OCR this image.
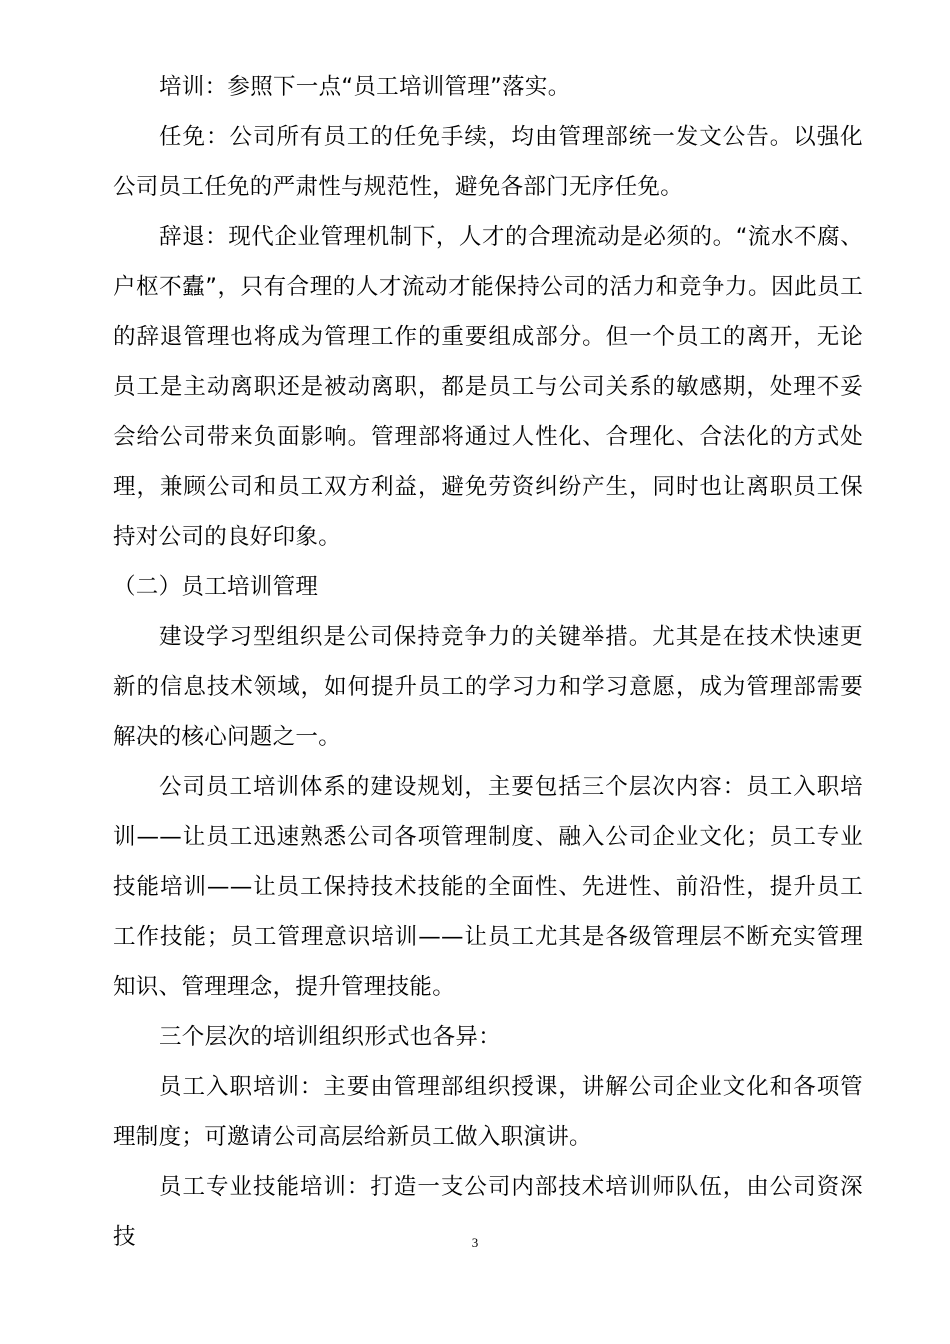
培训：参照下一点“员工培训管理”落实。

任免：公司所有员工的任免手续，均由管理部统一发文公告。以强化公司员工任免的严肃性与规范性，避免各部门无序任免。

辞退：现代企业管理机制下，人才的合理流动是必须的。“流水不腐、户枢不蠹”，只有合理的人才流动才能保持公司的活力和竞争力。因此员工的辞退管理也将成为管理工作的重要组成部分。但一个员工的离开，无论员工是主动离职还是被动离职，都是员工与公司关系的敏感期，处理不妥会给公司带来负面影响。管理部将通过人性化、合理化、合法化的方式处理，兼顾公司和员工双方利益，避免劳资纠纷产生，同时也让离职员工保持对公司的良好印象。

（二）员工培训管理

建设学习型组织是公司保持竞争力的关键举措。尤其是在技术快速更新的信息技术领域，如何提升员工的学习力和学习意愿，成为管理部需要解决的核心问题之一。

公司员工培训体系的建设规划，主要包括三个层次内容：员工入职培训——让员工迅速熟悉公司各项管理制度、融入公司企业文化；员工专业技能培训——让员工保持技术技能的全面性、先进性、前沿性，提升员工工作技能；员工管理意识培训——让员工尤其是各级管理层不断充实管理知识、管理理念，提升管理技能。

三个层次的培训组织形式也各异：

员工入职培训：主要由管理部组织授课，讲解公司企业文化和各项管理制度；可邀请公司高层给新员工做入职演讲。

员工专业技能培训：打造一支公司内部技术培训师队伍，由公司资深技	3
